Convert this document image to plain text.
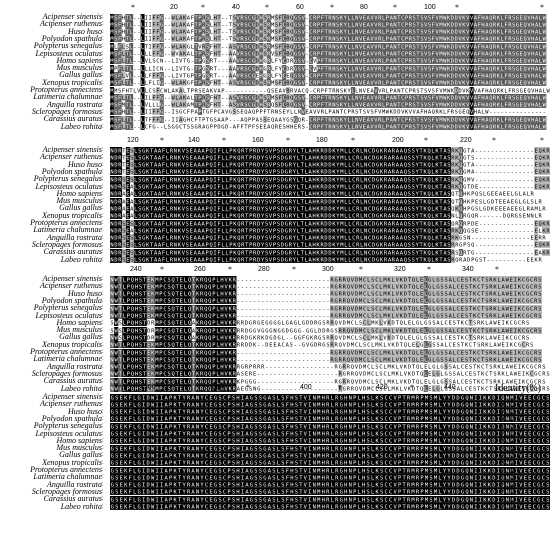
20	40	60	80	100
*	*	*	*	*	*	*
Acipenser sinensis :	M S F H T L - - L I I F F G - - W L A K A F T P R S L H T - - T S V R S C G D H S R M S F C B Q G S V - C R P F T R N S K Y L L N V E A V V R L P A N T C P R S T S V S F V M W K D D V K V V A F H A Q R K L F R S G E Q V H A L W
Acipenser ruthenus :	M S F H T L - - L I I F F G - - W L A K A F T P R S L H T - - T S V R S C G D H S R M S F C B Q G S V - C R P F T R N S K Y L L N V E A V V R L P A N T C P R S T S V S F V M W K D D V K V V A F H A Q R K L F R S G E Q V H A L W
Huso huso :	M S F H T L - - L I I F F G - - W L A K A F T P R S L H T - - T S V R S C G D H S R M S F C B Q G S V - C R P F T R N S K Y L L N V E A V V R L P A N T C P R S T S V S F V M W K D D V K V V A F H A Q R K L F R S G E Q V H A L W
Polyodon spathula :	M S F H T L - - L I I F F G - - W L A K A F T P R S L H T - - T S V R S C G D H S R M S F C B Q G S V - C R P F T R N S K Y L L N V E A V V R L P A N T C P R S T S V S F V M W K D D V K V V A F H A Q R K L F R S G E Q V H A L W
Polypterus senegalus :	M L F L S L - - L T I F F G - - W L A K G L T V R S F H T - - A S V R S C G D H S R M S F C B Q G S V - C R P F T R N S K Y L L N V E A V V R L P A N T C P R S T S V S F V M W K D D V K V V A F H A Q R K L F R S G E Q V H A L W
Lepisosteus oculatus :	M S F L T L - - L L L F F G - - W V A K A L T P R S F H T - - A A V R S C G D H S R V S F C B Q G S V - C R P F T R N S K Y L L N V E A V V R L P A N T C P R S T S V S F V M W K D D V K V V A F H A Q R K L F R S G E Q V H A L W
Homo sapiens :	M S F L T L - - L V L S C N - - L I V T G - T P G S R T - - - A A V R S C G D H G R L F Y C D R G S V - C V P F T R N S K Y L L N V E A V V R L P A N T C P R S T S V S F V M W K D D V K V V A F H A Q R K L F R S G E Q V H A L W
Mus musculus :	M P F L T L - - L L L I C N - - L I V T G - T P G S R T - - - A A V R S C G D H G R L F Y C D R G S V - C V P F T R N S K Y L L N V E A V V R L P A N T C P R S T S V S F V M W K D D V K V V A F H A Q R K L F R S G E Q V H A L W
Gallus gallus :	M S F L V L - - L L F F F G - - L I V T G P T P G S R T - - - A A V R S C G E H G R L F Y C E Q G S V - C R P F T R N S K Y L L N V E A V V R L P A N T C P R S T S V S F V M W K D D V K V V A F H A Q R K L F R S G E Q V H A L W
Xenopus tropicalis :	M S F L T L - - L L F L I G - - W L A K G F T P R S F H T - - A S V R S C G D H S R M S F C B Q G S V - C R P F T R N S K Y L L N V E A V V R L P A N T C P R S T S V S F V M W K D D V K V V A F H A Q R K L F R S G E Q V H A L W
Protopterus annectens :	M M S F H T L V L L C S F C W L A K A L T P R S E A K V A P - - - - - - - - - - - Q S E A V B R V A C Q - C R P F T R N S K Y L L N V E A V V R L P A N T C P R S T S V S F V M W K D D V K V V A F H A Q R K L F R S G E Q V H A L W
Latimeria chalumnae :	M S F L T L - - L I L F F G - - W L A K A L T P R S F H T - - A S V R S C G D H S R M S F C B Q G S V - C R P F T R N S K Y L L N V E A V V R L P A N T C P R S T S V S F V M W K D D V K V V A F H A Q R K L F R S G E Q V H A L W
Anguilla rostrata :	M S F M T L - - L V L L L G - - W L A K A M T P R S F H T - - A S V R S C G D H S R Q S F C B Q G S V - C R P F T R N S K Y L L N V E A V V R L P A N T C P R S T S V S F V M W K D D V K V V A F H A Q R K L F R S G E Q V H A L W
Scleropages formosus :	M S F H T L - - L I I F F G - - I S G C F P A P T G F P C A V G S S E Q A Q P P F T R N S E Y L L N V E A V V R L P A N T C P R S T S V S F V M W K D D V K V V A F H A Q R K L F R S G E Q V H A L W - - - - - - - - - - - - - - -
Carassius auratus :	M S F L T L - - L T F F F G - - I I A G H C F T P T G S A A P - - - A Q P P A S S E Q A A Y G S G Q R - C R P F T R N S K Y L L N V E A V V R L P A N T C P R S T S V S F V M W K D D V K V V A F H A Q R K L F R S G E Q V H A L W
Labeo rohita :	M S F L T L - - L C F G - - L S G G C T S S G R A G P P D G D - A F F T P F S E E A Q R E S H H E R S - C R P F T R N S K Y L L N V E A V V R L P A N T C P R S T S V S F V M W K D D V K V V A F H A Q R K L F R S G E Q V H A L W
120	140	160	180	200	220
*	*	*	*	*	*	*
Acipenser sinensis :	N D R T E S L S G K T A A F L R N K V S E A A A P Q I F L L P K Q R T P R D Y S V P S D G R Y L T L A H K R D D K Y M L L C R L N C D G K R A R A A Q S S Y T K Q L K T A S R K Q G T A - - - - - - - - - - - - - - - E Q K R
Acipenser ruthenus :	N D R T E S L S G K T A A F L R N K V S E A A A P Q I F L L P K Q R T P R D Y S V P S D G R Y L T L A H K R D D K Y M L L C R L N C D G K R A R A A Q S S Y T K Q L K T A S R K Q G T S - - - - - - - - - - - - - - - E Q K R
Huso huso :	N D R T E S L S G K T A A F L R N K V S E A A A P Q I F L L P K Q R T P R D Y S V P S D G R Y L T L A H K R D D K Y M L L C R L N C D G K R A R A A Q S S Y T K Q L K T A S R K Q G T A - - - - - - - - - - - - - - - E Q K R
Polyodon spathula :	N D R T E S L S G K T A A F L R N K V S E A A A P Q I F L L P K Q R T P R D Y S V P S D G R Y L T L A H K R D D K Y M L L C R L N C D G K R A R A A Q S S Y T K Q L K T A S R K Q G M A - - - - - - - - - - - - - - - E Q K R
Polypterus senegalus :	N D R S E S L S G K T A A F L R N K V S E A A A P Q I F L L P K Q R T P R D Y S V P S D G R Y L T L A H K R D D K Y M L L C R L N C D G K R A R A A Q S S Y T K Q L K T A S R K Q G M V - - - - - - - - - - - - - - - E Q K R
Lepisosteus oculatus :	N D R S E A L S G K T A A F L R N K V S E A A A P Q I F L L P K Q R T P R D Y S V P S D G R Y L T L A H K R D D K Y M L L C R L N C D G K R A R A A Q S S Y T K Q L K T A S R K Q G T D E - - - - - - - - - - - - - - E Q K R
Homo sapiens :	N D R A E A L S G K T A A F L R N K V S E A A A P Q I F L L P K Q R T P R D Y S V P S D G R Y L T L A H K R D D K Y M L L C R L N C D G K R A R A A Q S S Y T K Q L K T A S Q T Q H K P Q S L G E E A E E L G L A L R
Mus musculus :	N D R A E A L S G K T A A F L R N K V S E A A A P Q I F L L P K Q R T P R D Y S V P S D G R Y L T L A H K R D D K Y M L L C R L N C D G K R A R A A Q S S Y T K Q L K T A S Q T Q H K P E S L G D T E E A E G L G L S L R
Gallus gallus :	N D R A E A L S G K T A A F L R N K V S E A A A P Q I F L L P K Q R T P R D Y S V P S D G R Y L T L A H K R D D K Y M L L C R L N C D G K R A R A A Q S S Y T K Q L K T A S Q K Q H P G S L G D K E E E A E E G L R A M L R
Xenopus tropicalis :	N D R A E A L S G K T A A F L R N K V S E A A A P Q I F L L P K Q R T P R D Y S V P S D G R Y L T L A H K R D D K Y M L L C R L N C D G K R A R A A Q S S Y T K Q L K T A S N L Q R G Q R - - - - - - D Q R G S E N N L R
Protopterus annectens :	N D R S E S L S G K T A A F L R N K V S E A A A P Q I F L L P K Q R T P R D Y S V P S D G R Y L T L A H K R D D K Y M L L C R L N C D G K R A R A A Q S S Y T K Q L K T A S Q R Q R P D E - - - - - - - - - - - - - - E Q K R
Latimeria chalumnae :	N D R S E A L S G K T A A F L R N K V S E A A A P Q I F L L P K Q R T P R D Y S V P S D G R Y L T L A H K R D D K Y M L L C R L N C D G K R A R A A Q S S Y T K Q L K T A S R K Q Q G S E - - - - - - - - - - - - - - E L K R
Anguilla rostrata :	N D R S E S L S G K T A A F L R N K V S E A A A P Q I F L L P K Q R T P R D Y S V P S D G R Y L T L A H K R D D K Y M L L C R L N C D G K R A R A A Q S S Y T K Q L K T A S R K G S N - - - - - - - - - - - - - - - E E R R
Scleropages formosus :	N D R S E S L S G K T A A F L R N K V S E A A A P Q I F L L P K Q R T P R D Y S V P S D G R Y L T L A H K R D D K Y M L L C R L N C D G K R A R A A Q S S Y T K Q L K T A S R R G P S Q - - - - - - - - - - - - - - - E Q K R
Carassius auratus :	N D R S E S L S G K T A A F L R N K V S E A A A P Q I F L L P K Q R T P R D Y S V P S D G R Y L T L A H K R D D K Y M L L C R L N C D G K R A R A A Q S S Y T K Q L K T A S R S Q R T G - - - - - - - - - - - - - - - E A K R
Labeo rohita :	N D R S E S L S G K T A A F L R N K V S E A A A P Q I F L L P K Q R T P R D Y S V P S D G R Y L T L A H K R D D K Y M L L C R L N C D G K R A R A A Q S S Y T K Q L K T A S R Q R A D P G S T - - - - - - - - - - E E K R
240	260	280	300	320	340
*	*	*	*	*	*
Acipenser sinensis :	N W T L P Q H S T E K M P C S Q T E L Q T K R Q Q P L H V K R - - - - - - - - - - - - - - - - - - - - - - - R G R R Q V D M C L S C L M K L V K D T Q L E L G L G S S A L C E S T K C T S R K L A W E I K C G C R S
Acipenser ruthenus :	N W T L P Q H S T E K M P C S Q T E L Q T K R Q Q P L H V K R - - - - - - - - - - - - - - - - - - - - - - - R G R R Q V D M C L S C L M K L V K D T Q L E L G L G S S A L C E S T K C T S R K L A W E I K C G C R S
Huso huso :	N W T L P Q H S T E K M P C S Q T E L Q T K R Q Q P L H V K R - - - - - - - - - - - - - - - - - - - - - - - R G R R Q V D M C L S C L M K L V K D T Q L E L G L G S S A L C E S T K C T S R K L A W E I K C G C R S
Polyodon spathula :	N W T L P Q H S T E K M P C S Q T E L Q T K R Q Q P L H V K R - - - - - - - - - - - - - - - - - - - - - - - R G R R Q V D M C L S C L M K L V K D T Q L E L G L G S S A L C E S T K C T S R K L A W E I K C G C R S
Polypterus senegalus :	N W T L P Q H S T E K M P C S Q T E L Q T K R Q Q P L H V K R - - - - - - - - - - - - - - - - - - - - - - - R G R R Q V D M C L S C L M K L V K D T Q L E L G L G S S A L C E S T K C T S R K L A W E I K C G C R S
Lepisosteus oculatus :	N W T L P Q H S T E K M P C S Q T E L Q T K R Q Q P L H V K R - - - - - - - - - - - - - - - - - - - - - - - R G R R Q V D M C L S C L M K L V K D T Q L E L G L G S S A L C E S T K C T S R K L A W E I K C G C R S
Homo sapiens :	S W S L P Q H S T D R M P C S Q T E L Q A K R Q Q P L H V K R R R D G R G E G G G G L G A G L G D D R G S R R Q V D M C L S C L M K L V K D T Q L E L G L G S S A L C E S T K C T S R K L A W E I K C G C R S
Mus musculus :	S W S L P Q H S T D R M P C S Q T E L Q A K R Q Q P L H V K R R R D G G V G G G N G G D G G G - G G L D D R G S R R Q V D M C L S C L M K L V K D T Q L E L G L G S S A L C E S T K C T S R K L A W E I K C G C R S
Gallus gallus :	N W S L P Q H S T D R M P C S Q T E L Q A K R Q Q P L H V K R R R D G K R K D G D G L - - G G F G K R G S R R Q V D M C L S C L M K L V K D T Q L E L G L G S S A L C E S T K C T S R K L A W E I K C G C R S
Xenopus tropicalis :	N W T L P Q H S T E K M P C S Q T E L Q T K R Q Q P L H V K R R R D D K - - D E E A C A S - - G V G D R G S R R Q V D M C L S C L M K L V K D T Q L E L G L G S S A L C E S T K C T S R K L A W E I K C G C R S
Protopterus annectens :	N W T L P Q H S T E K M P C S Q T E L Q T K R Q Q P L H V K R - - - - - - - - - - - - - - - - - - - - - - - R G R R Q V D M C L S C L M K L V K D T Q L E L G L G S S A L C E S T K C T S R K L A W E I K C G C R S
Latimeria chalumnae :	N W T L P Q H S T E K M P C S Q T E L Q T K R Q Q P L H V K R - - - - - - - - - - - - - - - - - - - - - - - R G R R Q V D M C L S C L M K L V K D T Q L E L G L G S S A L C E S T K C T S R K L A W E I K C G C R S
Anguilla rostrata :	N W T L P Q H S T E K M P C S Q T E L Q T K R Q Q P L H V K R R G R P R R R - - - - - - - - - - - - - - - - - R G R R Q V D M C L S C L M K L V K D T Q L E L G L G S S A L C E S T K C T S R K L A W E I K C G C R S
Scleropages formosus :	N W T L P Q H S T E K M P C S Q T E L Q T K R Q Q P L H V K R A S E R E - - - - - - - - - - - - - - - - - - - - R G R R Q V D M C L S C L M K L V K D T Q L E L G L G S S A L C E S T K C T S R K L A W E I K C G C R S
Carassius auratus :	N W T L P Q H S T E K M P C S Q T E L Q T K R Q Q P L H V K R K P G G G - - - - - - - - - - - - - - - - - - - R G R R Q V D M C L S C L M K L V K D T Q L E L G L G S S A L C E S T K C T S R K L A W E I K C G C R S
Labeo rohita :	N W T L P Q H S T E K M P C S Q T E L Q T K R Q Q P L H V K R A E G S N G - - - - - - - - - - - - - - - - - - - R G R R Q V D M C L S C L M K L V K D T Q L E L G L G S S A L C E S T K C T S R K L A W E I K C G C R S
360	380	400	420	440
*	*	*	*	*
Acipenser sinensis :	G S E K F L G I D W I I A P K T Y R A N Y C E G S C P S H I A G S S G A S L S F H S T V I N M H R L R G H N P L H S L K S C C V P T R M R P M S M L Y Y D D G Q N I I K K D I Q N M I V E E C G C S
Acipenser ruthenus :	G S E K F L G I D W I I A P K T Y R A N Y C E G S C P S H I A G S S G A S L S F H S T V I N M H R L R G H N P L H S L K S C C V P T R M R P M S M L Y Y D D G Q N I I K K D I Q N M I V E E C G C S
Huso huso :	G S E K F L G I D W I I A P K T Y R A N Y C E G S C P S H I A G S S G A S L S F H S T V I N M H R L R G H N P L H S L K S C C V P T R M R P M S M L Y Y D D G Q N I I K K D I Q N M I V E E C G C S
Polyodon spathula :	G S E K F L G I D W I I A P K T Y R A N Y C E G S C P S H I A G S S G A S L S F H S T V I N M H R L R G H N P L H S L K S C C V P T R M R P M S M L Y Y D D G Q N I I K K D I Q N M I V E E C G C S
Polypterus senegalus :	G S E K F L G I D W I I A P K T Y R A N Y C E G S C P S H I A G S S G A S L S F H S T V I N M H R L R G H N P L H S L K S C C V P T R M R P M S M L Y Y D D G Q N I I K K D I Q N M I V E E C G C S
Lepisosteus oculatus :	G S E K F L G I D W I I A P K T Y R A N Y C E G S C P S H I A G S S G A S L S F H S T V I N M H R L R G H N P L H S L K S C C V P T R M R P M S M L Y Y D D G Q N I I K K D I Q N M I V E E C G C S
Homo sapiens :	G S E K F L G I D W I I A P K T Y R A N Y C E G S C P S H I A G S S G A S L S F H S T V I N M H R L R G H N P L H S L K S C C V P T R M R P M S M L Y Y D D G Q N I I K K D I Q N M I V E E C G C S
Mus musculus :	G S E K F L G I D W I I A P K T Y R A N Y C E G S C P S H I A G S S G A S L S F H S T V I N M H R L R G H N P L H S L K S C C V P T R M R P M S M L Y Y D D G Q N I I K K D I Q N M I V E E C G C S
Gallus gallus :	G S E K F L G I D W I I A P K T Y R A N Y C E G S C P S H I A G S S G A S L S F H S T V I N M H R L R G H N P L H S L K S C C V P T R M R P M S M L Y Y D D G Q N I I K K D I Q N M I V E E C G C S
Xenopus tropicalis :	G S E K F L G I D W I I A P K T Y R A N Y C E G S C P S H I A G S S G A S L S F H S T V I N M H R L R G H N P L H S L K S C C V P T R M R P M S M L Y Y D D G Q N I I K K D I Q N M I V E E C G C S
Protopterus annectens :	G S E K F L G I D W I I A P K T Y R A N Y C E G S C P S H I A G S S G A S L S F H S T V I N M H R L R G H N P L H S L K S C C V P T R M R P M S M L Y Y D D G Q N I I K K D I Q N M I V E E C G C S
Latimeria chalumnae :	G S E K F L G I D W I I A P K T Y R A N Y C E G S C P S H I A G S S G A S L S F H S T V I N M H R L R G H N P L H S L K S C C V P T R M R P M S M L Y Y D D G Q N I I K K D I Q N M I V E E C G C S
Anguilla rostrata :	G S E K F L G I D W I I A P K T Y R A N Y C E G S C P S H I A G S S G A S L S F H S T V I N M H R L R G H N P L H S L K S C C V P T R M R P M S M L Y Y D D G Q N I I K K D I Q N M I V E E C G C S
Scleropages formosus :	G S E K F L G I D W I I A P K T Y R A N Y C E G S C P S H I A G S S G A S L S F H S T V I N M H R L R G H N P L H S L K S C C V P T R M R P M S M L Y Y D D G Q N I I K K D I Q N M I V E E C G C S
Carassius auratus :	G S E K F L G I D W I I A P K T Y R A N Y C E G S C P S H I A G S S G A S L S F H S T V I N M H R L R G H N P L H S L K S C C V P T R M R P M S M L Y Y D D G Q N I I K K D I Q N M I V E E C G C S
Labeo rohita :	G S E K F L G I D W I I A P K T Y R A N Y C E G S C P S H I A G S S G A S L S F H S T V I N M H R L R G H N P L H S L K S C C V P T R M R P M S M L Y Y D D G Q N I I K K D I Q N M I V E E C G C S
Identity(%)
98.72
99.23
96.47
83.59
82.82
70.10
70.36
69.59
70.59
65.98
73.58
71.10
72.05
65.27
65.89
